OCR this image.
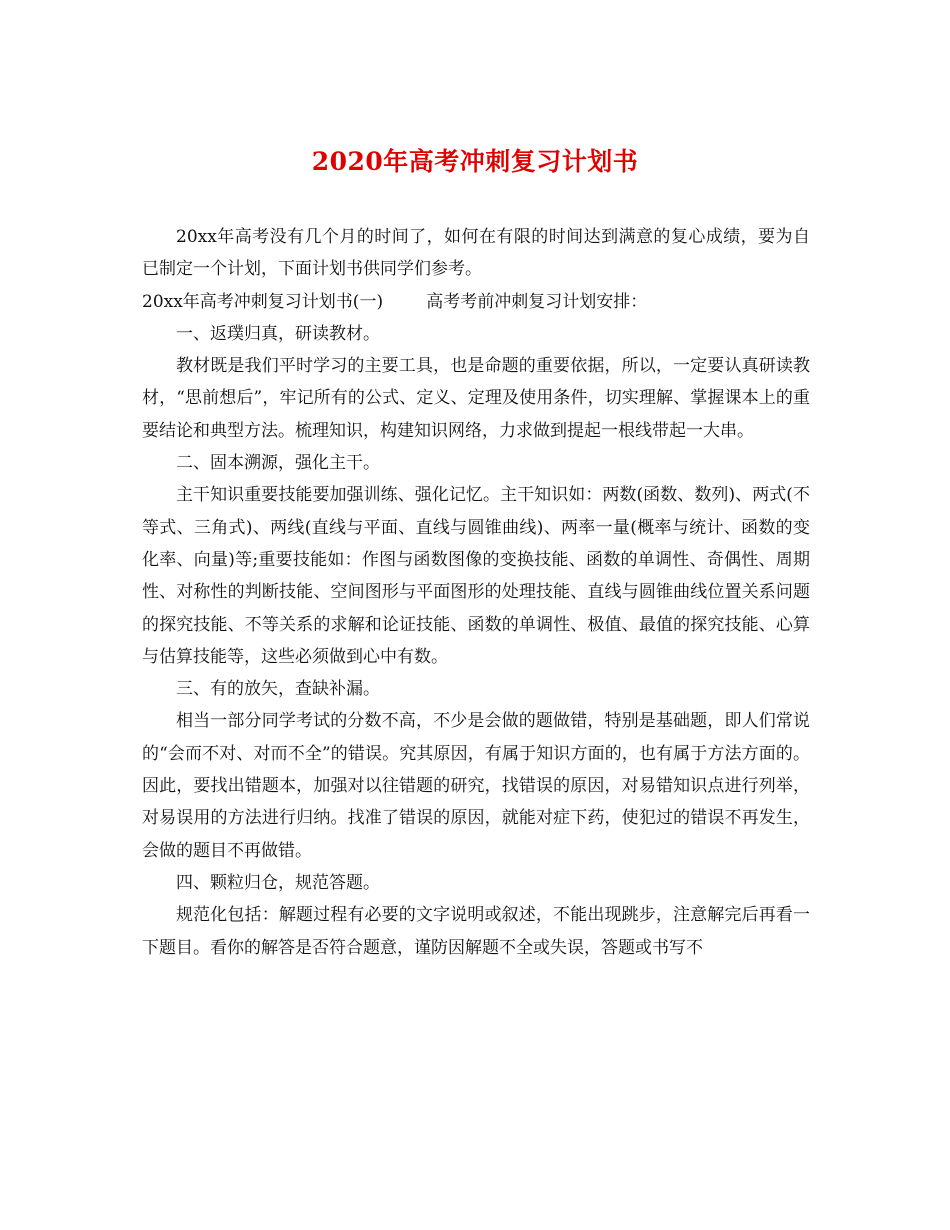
2020年高考冲刺复习计划书

20xx年高考没有几个月的时间了，如何在有限的时间达到满意的复心成绩，要为自已制定一个计划，下面计划书供同学们参考。

20xx年高考冲刺复习计划书(一)        高考考前冲刺复习计划安排：

一、返璞归真，研读教材。

教材既是我们平时学习的主要工具，也是命题的重要依据，所以，一定要认真研读教材，“思前想后”，牢记所有的公式、定义、定理及使用条件，切实理解、掌握课本上的重要结论和典型方法。梳理知识，构建知识网络，力求做到提起一根线带起一大串。

二、固本溯源，强化主干。

主干知识重要技能要加强训练、强化记忆。主干知识如：两数(函数、数列)、两式(不等式、三角式)、两线(直线与平面、直线与圆锥曲线)、两率一量(概率与统计、函数的变化率、向量)等;重要技能如：作图与函数图像的变换技能、函数的单调性、奇偶性、周期性、对称性的判断技能、空间图形与平面图形的处理技能、直线与圆锥曲线位置关系问题的探究技能、不等关系的求解和论证技能、函数的单调性、极值、最值的探究技能、心算与估算技能等，这些必须做到心中有数。

三、有的放矢，查缺补漏。

相当一部分同学考试的分数不高，不少是会做的题做错，特别是基础题，即人们常说的“会而不对、对而不全”的错误。究其原因，有属于知识方面的，也有属于方法方面的。因此，要找出错题本，加强对以往错题的研究，找错误的原因，对易错知识点进行列举，对易误用的方法进行归纳。找准了错误的原因，就能对症下药，使犯过的错误不再发生，会做的题目不再做错。

四、颗粒归仓，规范答题。

规范化包括：解题过程有必要的文字说明或叙述，不能出现跳步，注意解完后再看一下题目。看你的解答是否符合题意，谨防因解题不全或失误，答题或书写不
